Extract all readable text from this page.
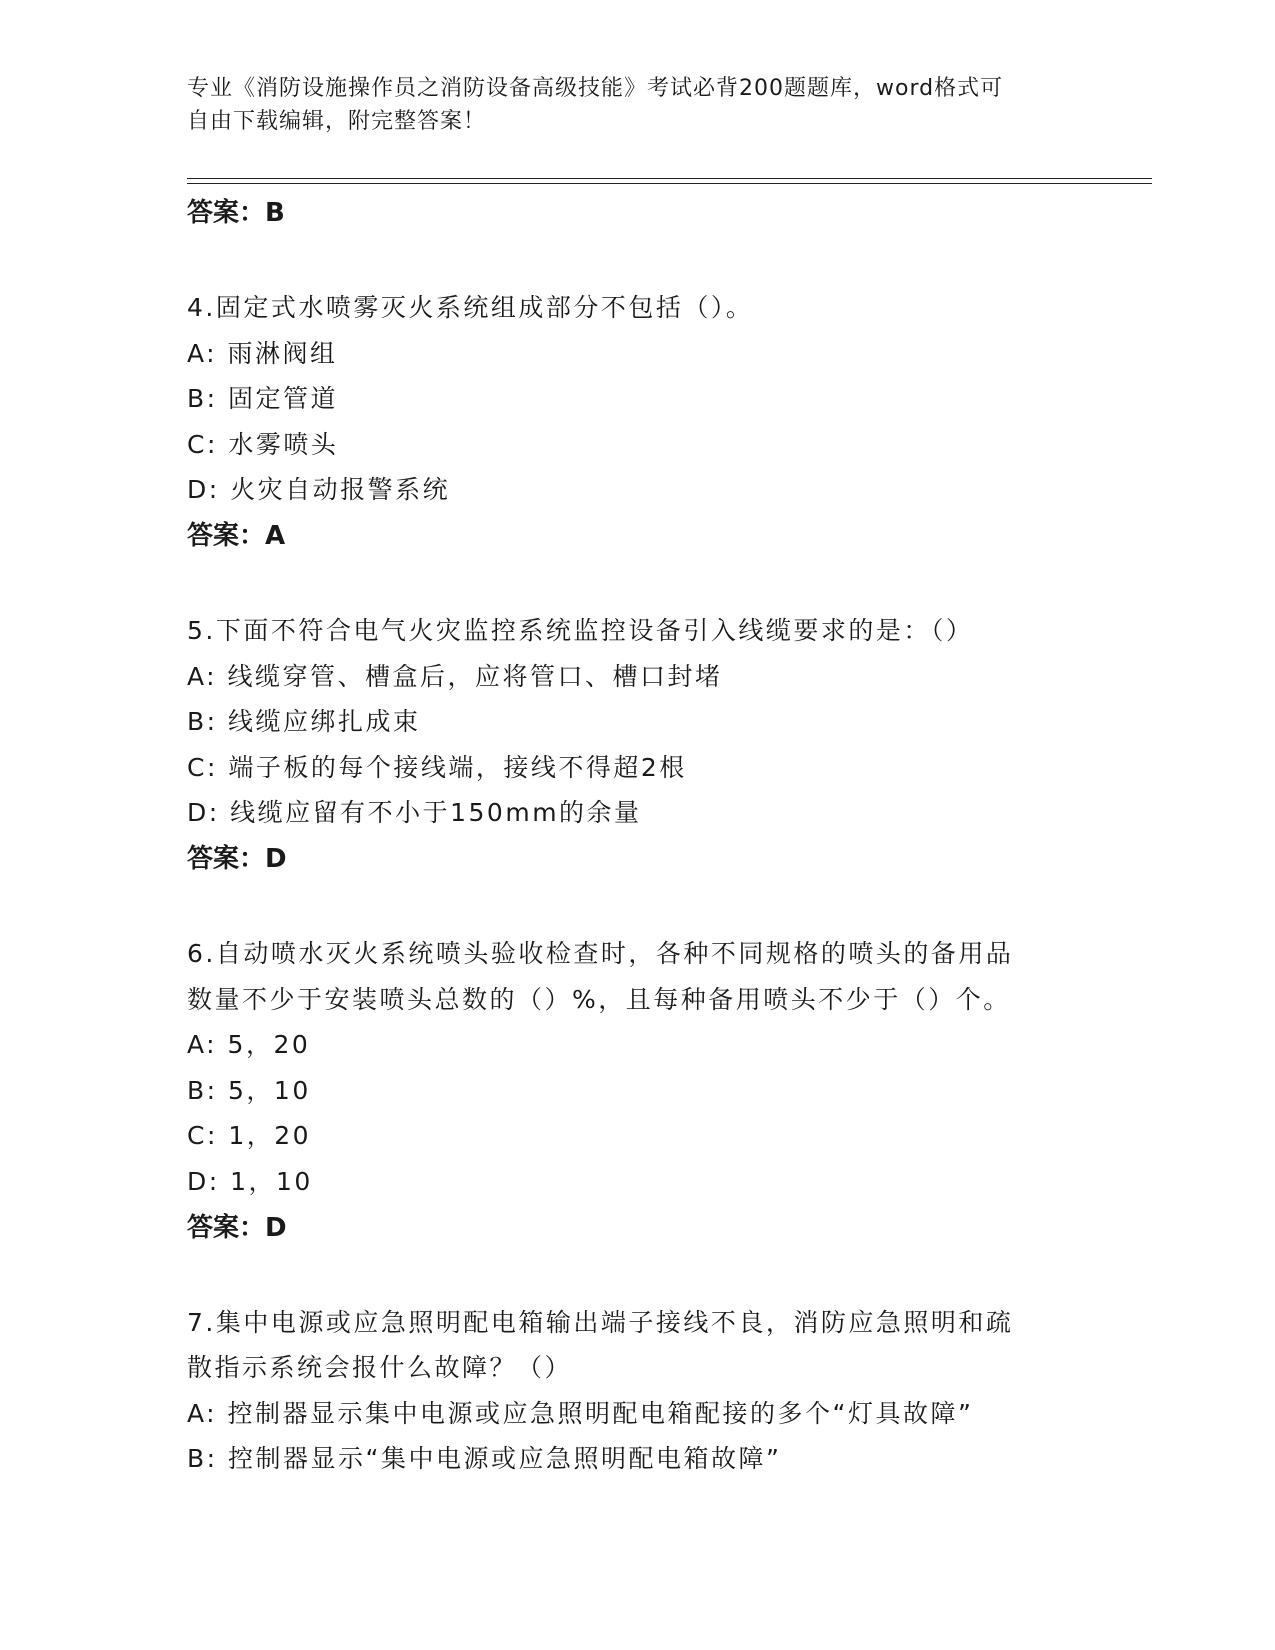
专业《消防设施操作员之消防设备高级技能》考试必背200题题库，word格式可
自由下载编辑，附完整答案！
答案：B
4.固定式水喷雾灭火系统组成部分不包括（）。
A: 雨淋阀组
B: 固定管道
C: 水雾喷头
D: 火灾自动报警系统
答案：A
5.下面不符合电气火灾监控系统监控设备引入线缆要求的是：（）
A: 线缆穿管、槽盒后，应将管口、槽口封堵
B: 线缆应绑扎成束
C: 端子板的每个接线端，接线不得超2根
D: 线缆应留有不小于150mm的余量
答案：D
6.自动喷水灭火系统喷头验收检查时，各种不同规格的喷头的备用品
数量不少于安装喷头总数的（）%，且每种备用喷头不少于（）个。
A: 5，20
B: 5，10
C: 1，20
D: 1，10
答案：D
7.集中电源或应急照明配电箱输出端子接线不良，消防应急照明和疏
散指示系统会报什么故障？（）
A: 控制器显示集中电源或应急照明配电箱配接的多个“灯具故障”
B: 控制器显示“集中电源或应急照明配电箱故障”
